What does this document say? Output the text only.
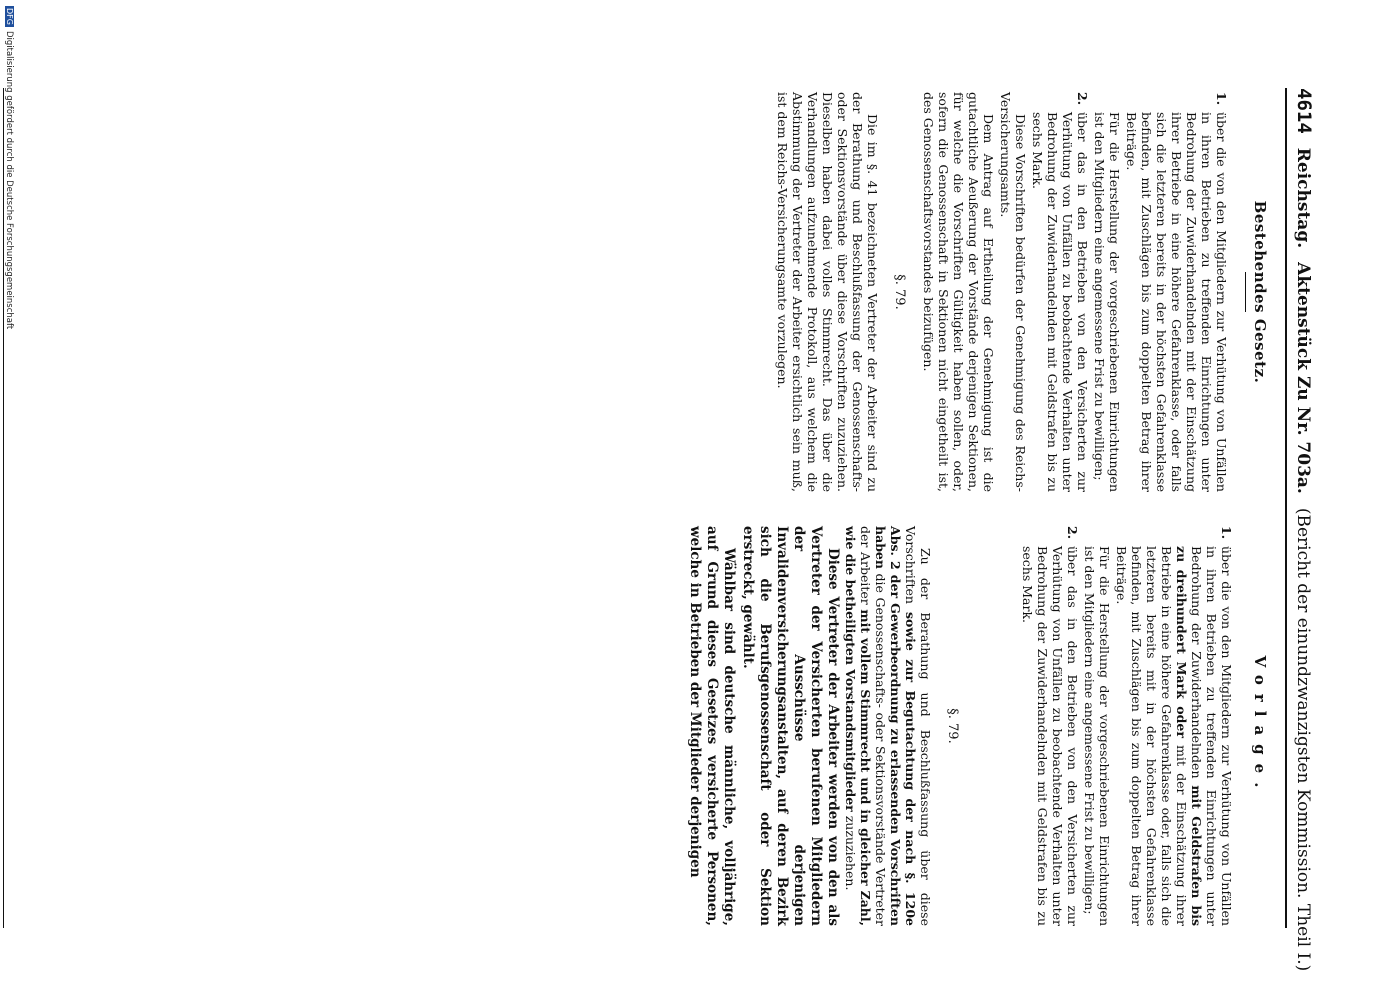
4614
Reichstag.
Aktenstück Zu Nr. 703a.
(Bericht der einundzwanzigsten Kommission. Theil I.)
Bestehendes Gesetz.
1.
über die von den Mitgliedern zur Verhütung von Unfällen in ihren Betrieben zu treffenden Einrichtungen unter Bedrohung der Zuwiderhandelnden mit der Einschätzung ihrer Betriebe in eine höhere Gefahrenklasse, oder falls sich die letzteren bereits in der höchsten Gefahrenklasse befinden, mit Zuschlägen bis zum doppelten Betrag ihrer Beiträge.
Für die Herstellung der vorgeschriebenen Einrichtungen ist den Mitgliedern eine angemessene Frist zu bewilligen;
2.
über das in den Betrieben von den Versicherten zur Verhütung von Unfällen zu beobachtende Verhalten unter Bedrohung der Zuwiderhandelnden mit Geldstrafen bis zu sechs Mark.

Diese Vorschriften bedürfen der Genehmigung des Reichs-Versicherungsamts.

Dem Antrag auf Ertheilung der Genehmigung ist die gutachtliche Aeußerung der Vorstände derjenigen Sektionen, für welche die Vorschriften Gültigkeit haben sollen, oder, sofern die Genossenschaft in Sektionen nicht eingetheilt ist, des Genossenschaftsvorstandes beizufügen.

§. 79.

Die im §. 41 bezeichneten Vertreter der Arbeiter sind zu der Berathung und Beschlußfassung der Genossenschafts- oder Sektionsvorstände über diese Vorschriften zuzuziehen. Dieselben haben dabei volles Stimmrecht. Das über die Verhandlungen aufzunehmende Protokoll, aus welchem die Abstimmung der Vertreter der Arbeiter ersichtlich sein muß, ist dem Reichs-Versicherungsamte vorzulegen.

Vorlage.
1.
über die von den Mitgliedern zur Verhütung von Unfällen in ihren Betrieben zu treffenden Einrichtungen unter Bedrohung der Zuwiderhandelnden mit Geldstrafen bis zu dreihundert Mark oder mit der Einschätzung ihrer Betriebe in eine höhere Gefahrenklasse oder, falls sich die letzteren bereits mit in der höchsten Gefahrenklasse befinden, mit Zuschlägen bis zum doppelten Betrag ihrer Beiträge.
Für die Herstellung der vorgeschriebenen Einrichtungen ist den Mitgliedern eine angemessene Frist zu bewilligen;
2.
über das in den Betrieben von den Versicherten zur Verhütung von Unfällen zu beobachtende Verhalten unter Bedrohung der Zuwiderhandelnden mit Geldstrafen bis zu sechs Mark.
§. 79.

Zu der Berathung und Beschlußfassung über diese Vorschriften sowie zur Begutachtung der nach §. 120e Abs. 2 der Gewerbeordnung zu erlassenden Vorschriften haben die Genossenschafts- oder Sektionsvorstände Vertreter der Arbeiter mit vollem Stimmrecht und in gleicher Zahl, wie die betheiligten Vorstandsmitglieder zuzuziehen.

Diese Vertreter der Arbeiter werden von den als Vertreter der Versicherten berufenen Mitgliedern der Ausschüsse derjenigen Invalidenversicherungsanstalten, auf deren Bezirk sich die Berufsgenossenschaft oder Sektion erstreckt, gewählt.

Wählbar sind deutsche männliche, volljährige, auf Grund dieses Gesetzes versicherte Personen, welche in Betrieben der Mitglieder derjenigen

DFGDigitalisierung gefördert durch die Deutsche Forschungsgemeinschaft
